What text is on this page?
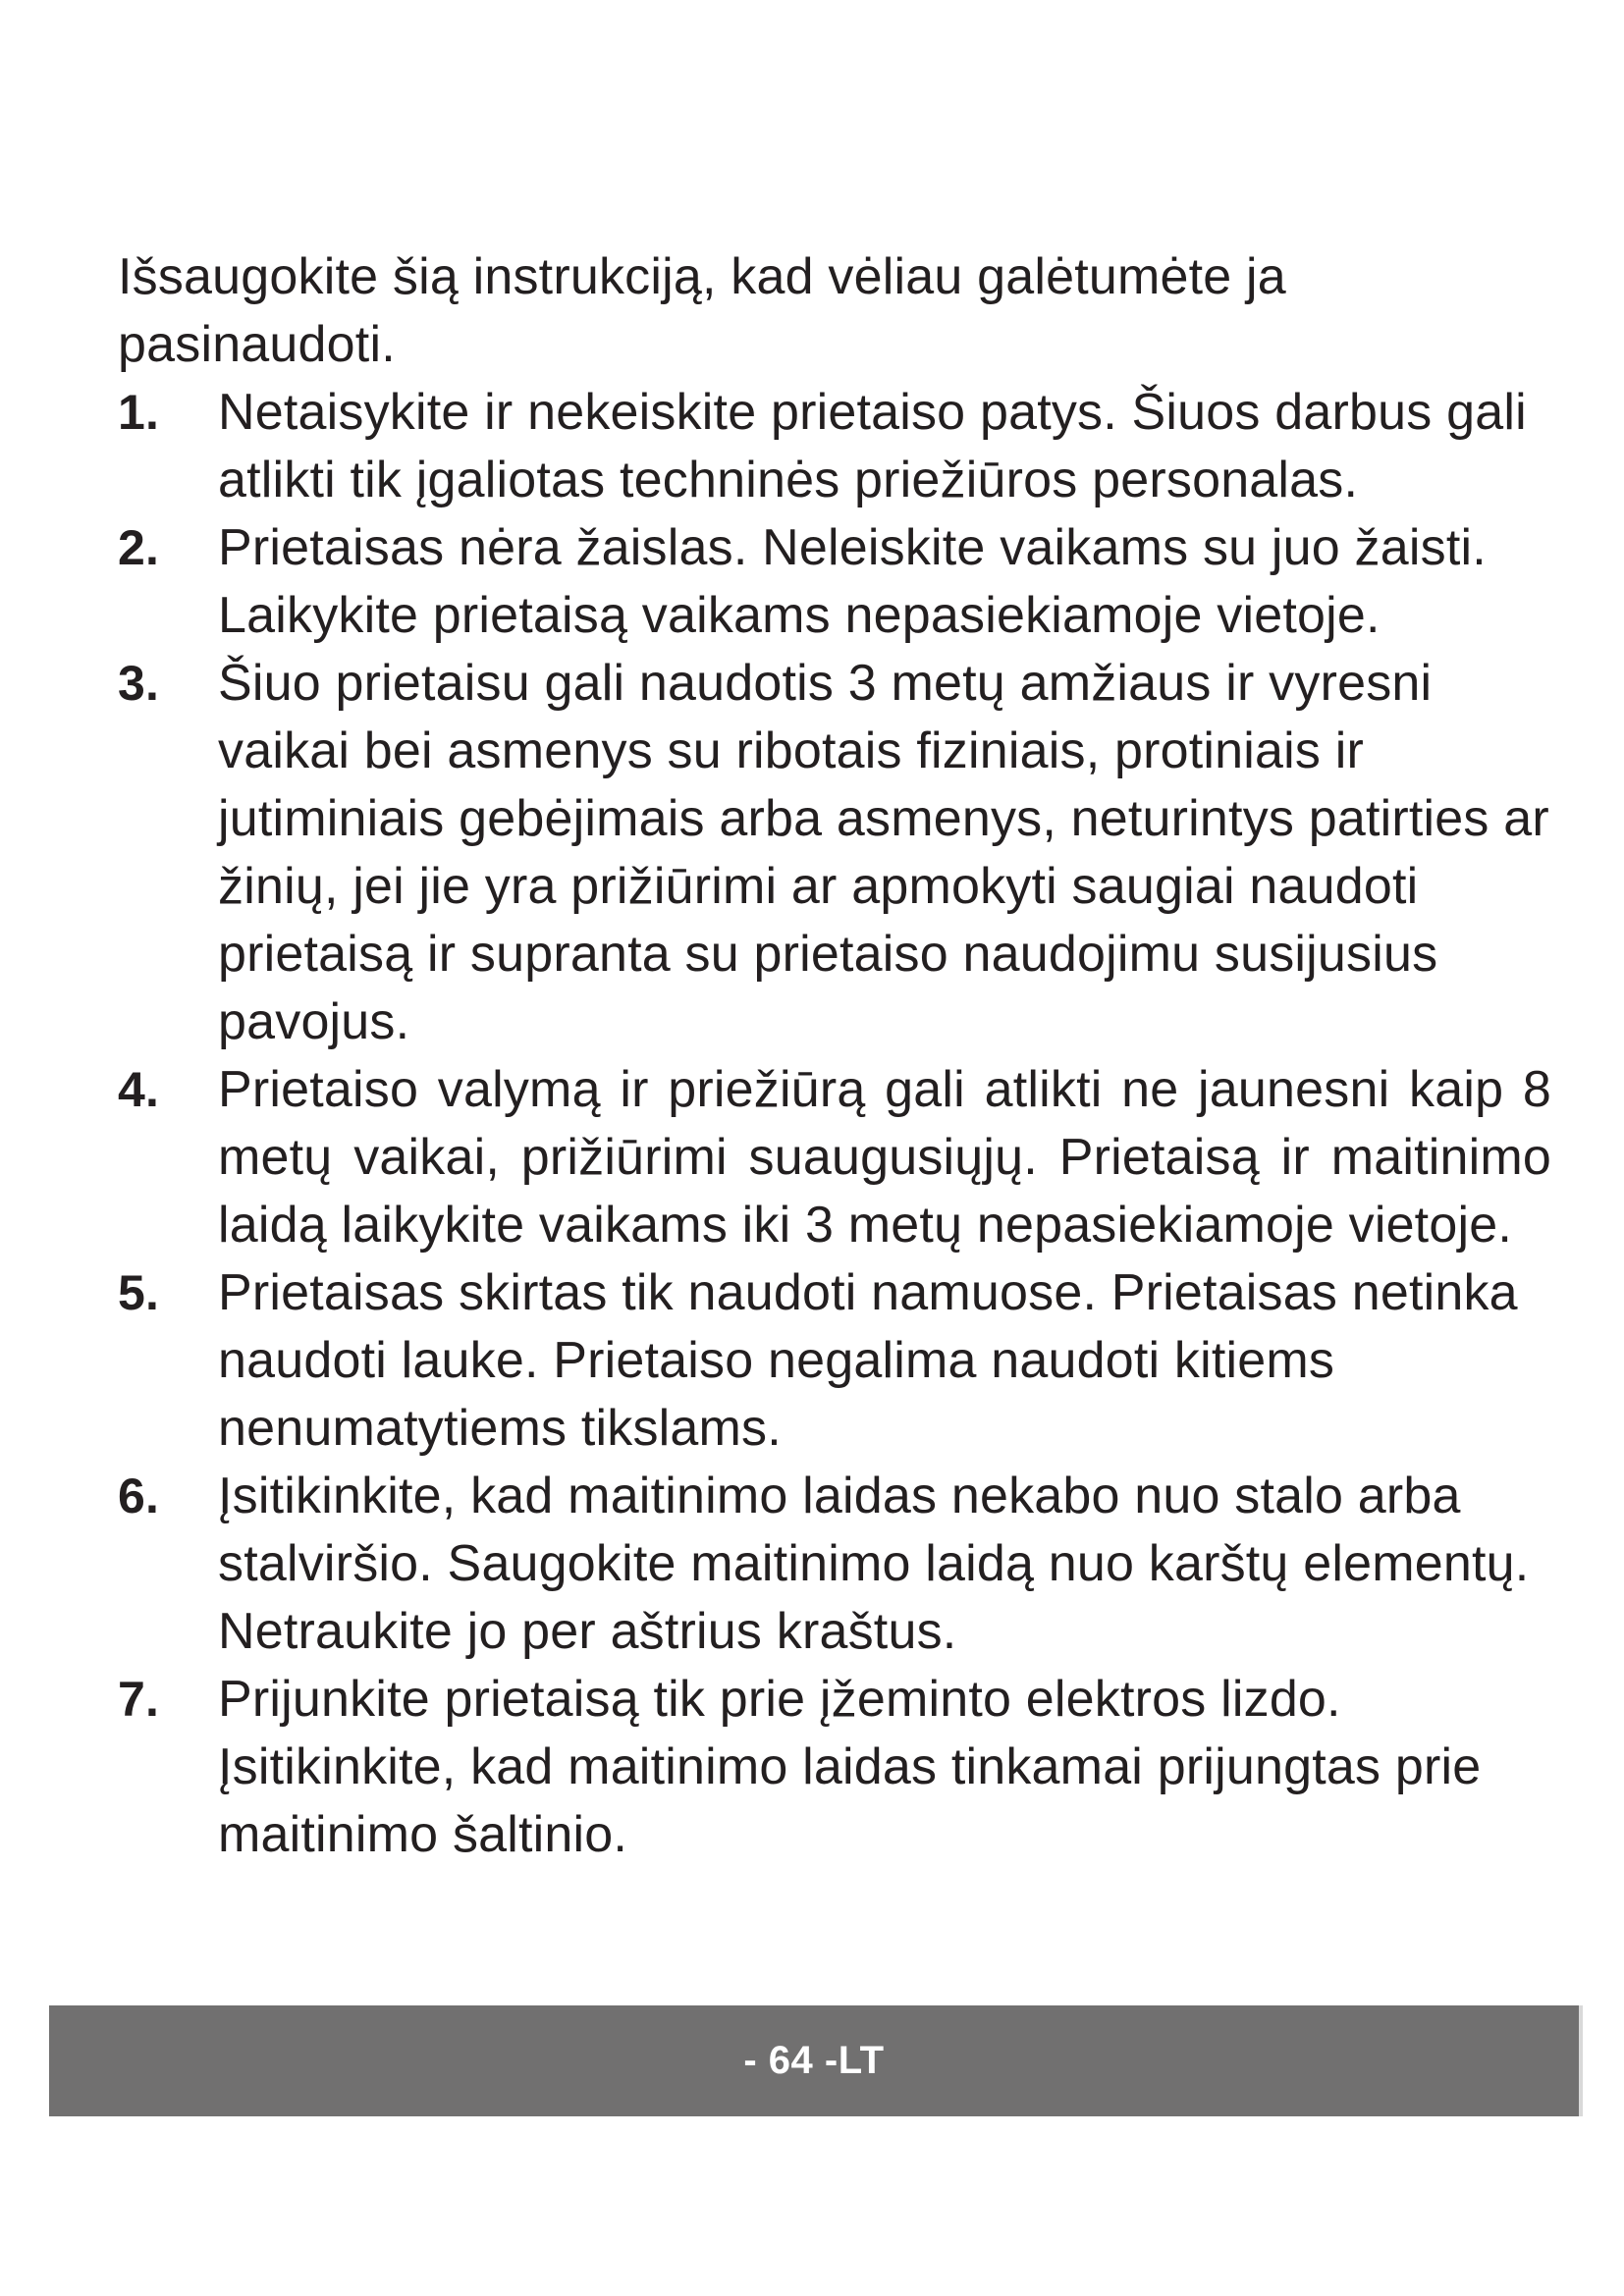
Išsaugokite šią instrukciją, kad vėliau galėtumėte ja pasinaudoti.

1. Netaisykite ir nekeiskite prietaiso patys. Šiuos darbus gali atlikti tik įgaliotas techninės priežiūros personalas.
2. Prietaisas nėra žaislas. Neleiskite vaikams su juo žaisti. Laikykite prietaisą vaikams nepasiekiamoje vietoje.
3. Šiuo prietaisu gali naudotis 3 metų amžiaus ir vyresni vaikai bei asmenys su ribotais fiziniais, protiniais ir jutiminiais gebėjimais arba asmenys, neturintys patirties ar žinių, jei jie yra prižiūrimi ar apmokyti saugiai naudoti prietaisą ir supranta su prietaiso naudojimu susijusius pavojus.
4. Prietaiso valymą ir priežiūrą gali atlikti ne jaunesni kaip 8 metų vaikai, prižiūrimi suaugusiųjų. Prietaisą ir maitinimo laidą laikykite vaikams iki 3 metų nepasiekiamoje vietoje.
5. Prietaisas skirtas tik naudoti namuose. Prietaisas netinka naudoti lauke. Prietaiso negalima naudoti kitiems nenumatytiems tikslams.
6. Įsitikinkite, kad maitinimo laidas nekabo nuo stalo arba stalviršio. Saugokite maitinimo laidą nuo karštų elementų. Netraukite jo per aštrius kraštus.
7. Prijunkite prietaisą tik prie įžeminto elektros lizdo. Įsitikinkite, kad maitinimo laidas tinkamai prijungtas prie maitinimo šaltinio.
- 64 -LT
